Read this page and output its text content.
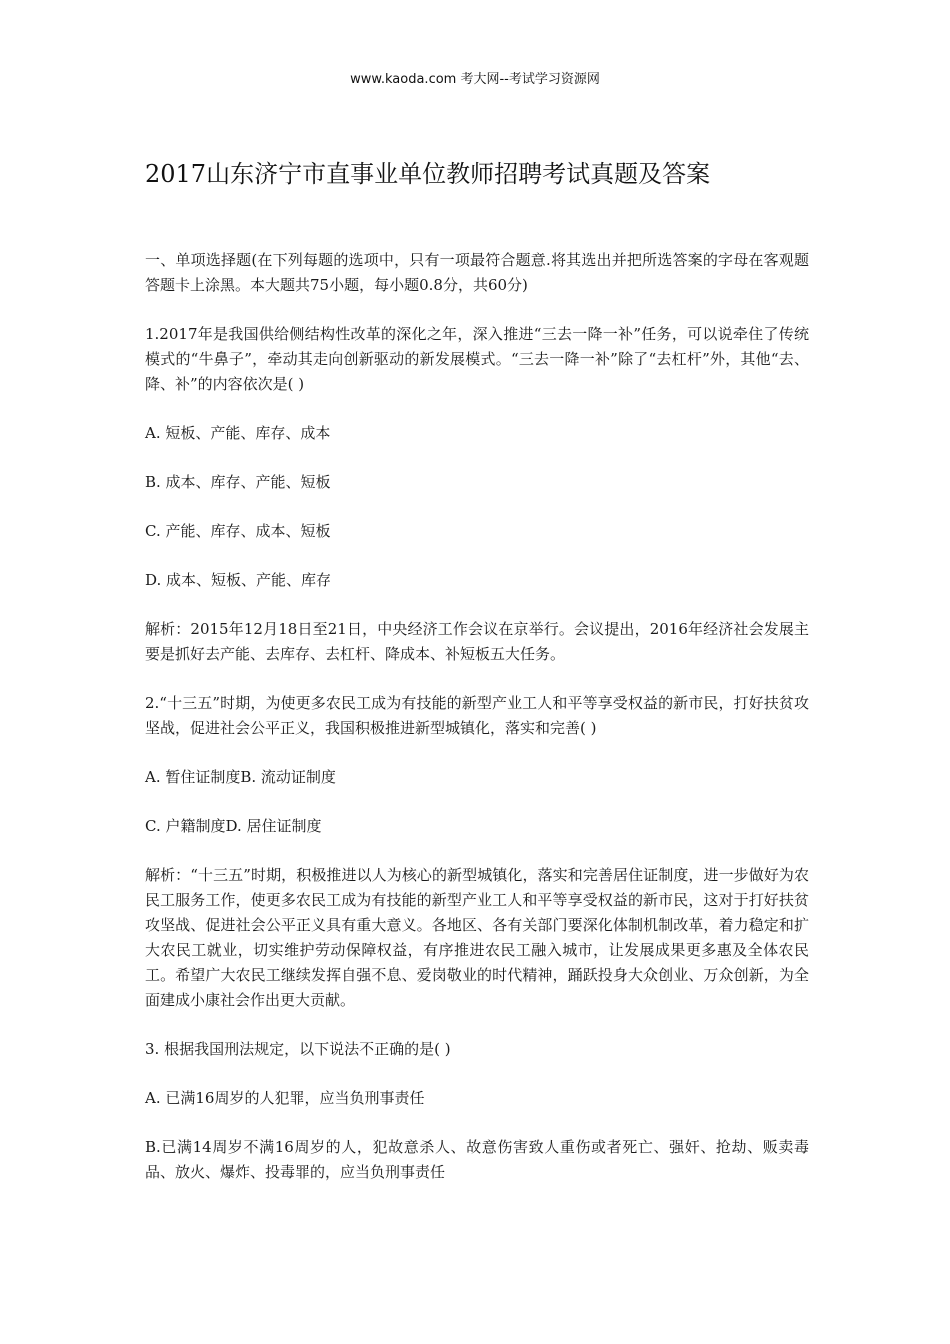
www.kaoda.com 考大网--考试学习资源网
2017山东济宁市直事业单位教师招聘考试真题及答案

一、单项选择题(在下列每题的选项中，只有一项最符合题意.将其选出并把所选答案的字母在客观题答题卡上涂黑。本大题共75小题，每小题0.8分，共60分)

1.2017年是我国供给侧结构性改革的深化之年，深入推进“三去一降一补”任务，可以说牵住了传统模式的“牛鼻子”，牵动其走向创新驱动的新发展模式。“三去一降一补”除了“去杠杆”外，其他“去、降、补”的内容依次是( )

A. 短板、产能、库存、成本

B. 成本、库存、产能、短板

C. 产能、库存、成本、短板

D. 成本、短板、产能、库存

解析：2015年12月18日至21日，中央经济工作会议在京举行。会议提出，2016年经济社会发展主要是抓好去产能、去库存、去杠杆、降成本、补短板五大任务。

2.“十三五”时期，为使更多农民工成为有技能的新型产业工人和平等享受权益的新市民，打好扶贫攻坚战，促进社会公平正义，我国积极推进新型城镇化，落实和完善( )

A. 暂住证制度B. 流动证制度

C. 户籍制度D. 居住证制度

解析：“十三五”时期，积极推进以人为核心的新型城镇化，落实和完善居住证制度，进一步做好为农民工服务工作，使更多农民工成为有技能的新型产业工人和平等享受权益的新市民，这对于打好扶贫攻坚战、促进社会公平正义具有重大意义。各地区、各有关部门要深化体制机制改革，着力稳定和扩大农民工就业，切实维护劳动保障权益，有序推进农民工融入城市，让发展成果更多惠及全体农民工。希望广大农民工继续发挥自强不息、爱岗敬业的时代精神，踊跃投身大众创业、万众创新，为全面建成小康社会作出更大贡献。

3. 根据我国刑法规定，以下说法不正确的是( )

A. 已满16周岁的人犯罪，应当负刑事责任

B.已满14周岁不满16周岁的人，犯故意杀人、故意伤害致人重伤或者死亡、强奸、抢劫、贩卖毒品、放火、爆炸、投毒罪的，应当负刑事责任
